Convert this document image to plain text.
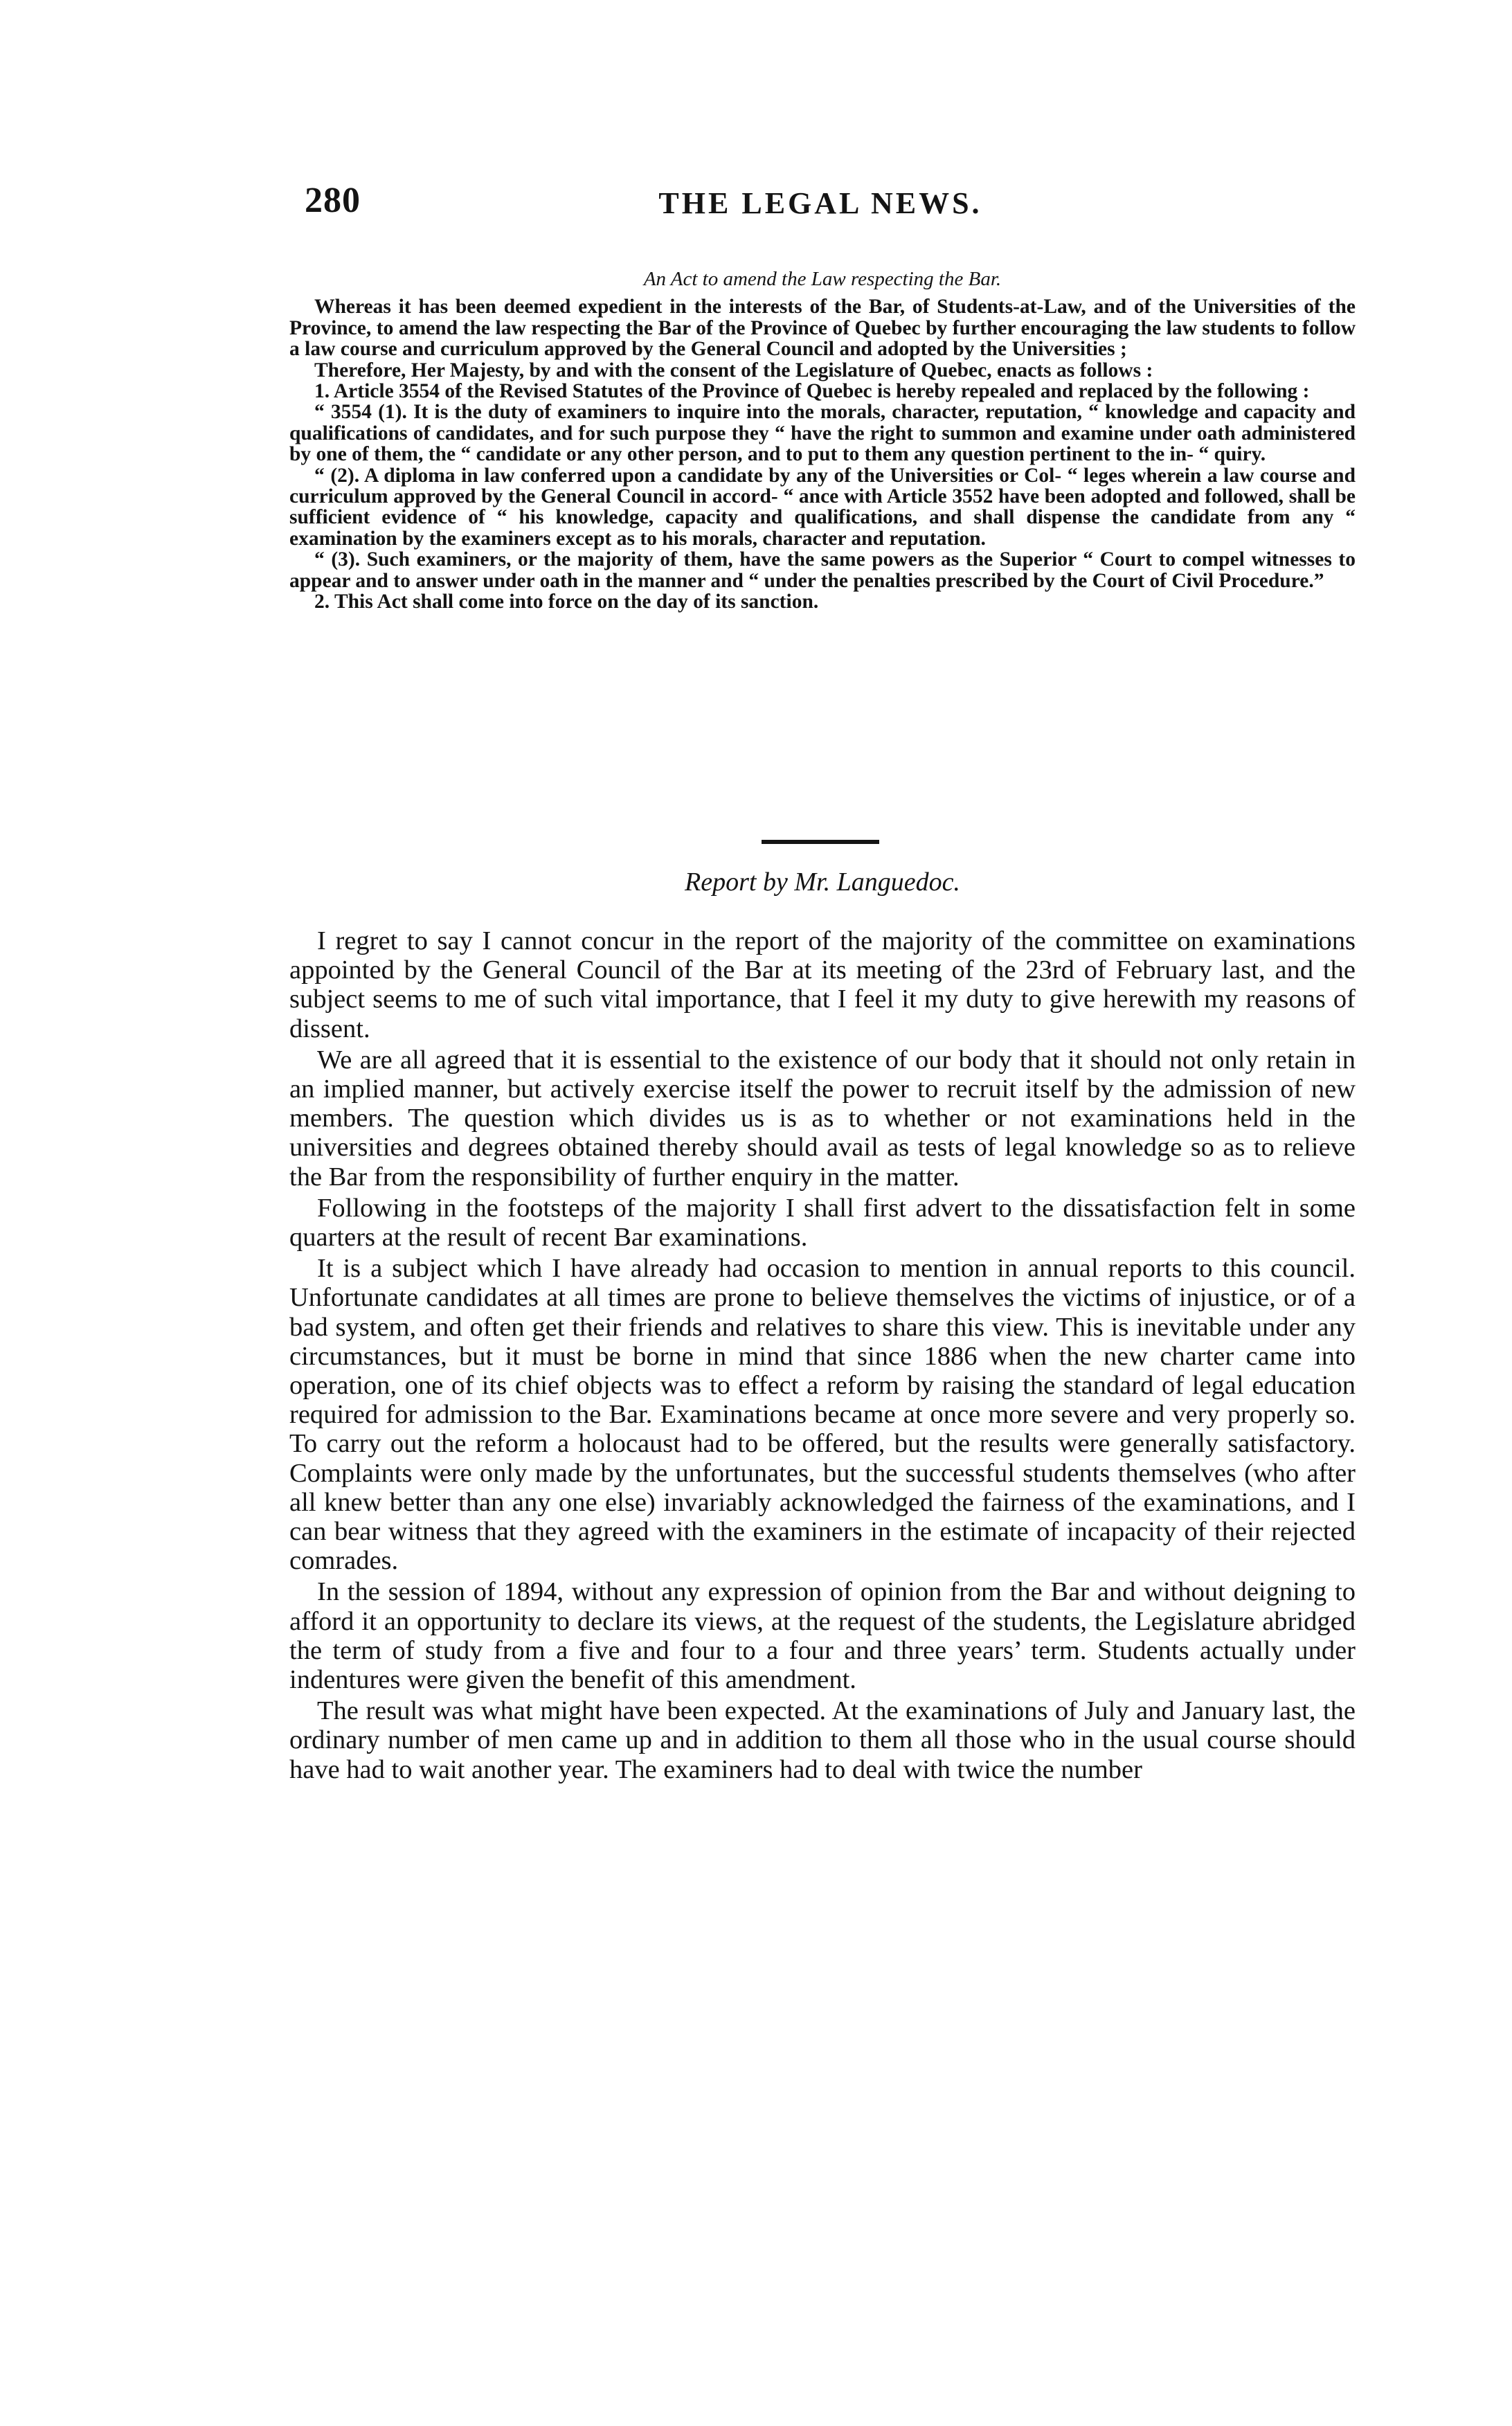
280	THE LEGAL NEWS.
An Act to amend the Law respecting the Bar.

Whereas it has been deemed expedient in the interests of the Bar, of Students-at-Law, and of the Universities of the Province, to amend the law respecting the Bar of the Province of Quebec by further encouraging the law students to follow a law course and curriculum approved by the General Council and adopted by the Universities ;

Therefore, Her Majesty, by and with the consent of the Legislature of Quebec, enacts as follows :

1. Article 3554 of the Revised Statutes of the Province of Quebec is hereby repealed and replaced by the following :

“ 3554 (1). It is the duty of examiners to inquire into the morals, character, reputation, “ knowledge and capacity and qualifications of candidates, and for such purpose they “ have the right to summon and examine under oath administered by one of them, the “ candidate or any other person, and to put to them any question pertinent to the in- “ quiry.

“ (2). A diploma in law conferred upon a candidate by any of the Universities or Col- “ leges wherein a law course and curriculum approved by the General Council in accord- “ ance with Article 3552 have been adopted and followed, shall be sufficient evidence of “ his knowledge, capacity and qualifications, and shall dispense the candidate from any “ examination by the examiners except as to his morals, character and reputation.

“ (3). Such examiners, or the majority of them, have the same powers as the Superior “ Court to compel witnesses to appear and to answer under oath in the manner and “ under the penalties prescribed by the Court of Civil Procedure.”

2. This Act shall come into force on the day of its sanction.

Report by Mr. Languedoc.

I regret to say I cannot concur in the report of the majority of the committee on examinations appointed by the General Council of the Bar at its meeting of the 23rd of February last, and the subject seems to me of such vital importance, that I feel it my duty to give herewith my reasons of dissent.

We are all agreed that it is essential to the existence of our body that it should not only retain in an implied manner, but actively exercise itself the power to recruit itself by the admission of new members. The question which divides us is as to whether or not examinations held in the universities and degrees obtained thereby should avail as tests of legal knowledge so as to relieve the Bar from the responsibility of further enquiry in the matter.

Following in the footsteps of the majority I shall first advert to the dissatisfaction felt in some quarters at the result of recent Bar examinations.

It is a subject which I have already had occasion to mention in annual reports to this council. Unfortunate candidates at all times are prone to believe themselves the victims of injustice, or of a bad system, and often get their friends and relatives to share this view. This is inevitable under any circumstances, but it must be borne in mind that since 1886 when the new charter came into operation, one of its chief objects was to effect a reform by raising the standard of legal education required for admission to the Bar. Examinations became at once more severe and very properly so. To carry out the reform a holocaust had to be offered, but the results were generally satisfactory. Complaints were only made by the unfortunates, but the successful students themselves (who after all knew better than any one else) invariably acknowledged the fairness of the examinations, and I can bear witness that they agreed with the examiners in the estimate of incapacity of their rejected comrades.

In the session of 1894, without any expression of opinion from the Bar and without deigning to afford it an opportunity to declare its views, at the request of the students, the Legislature abridged the term of study from a five and four to a four and three years’ term. Students actually under indentures were given the benefit of this amendment.

The result was what might have been expected. At the examinations of July and January last, the ordinary number of men came up and in addition to them all those who in the usual course should have had to wait another year. The examiners had to deal with twice the number
